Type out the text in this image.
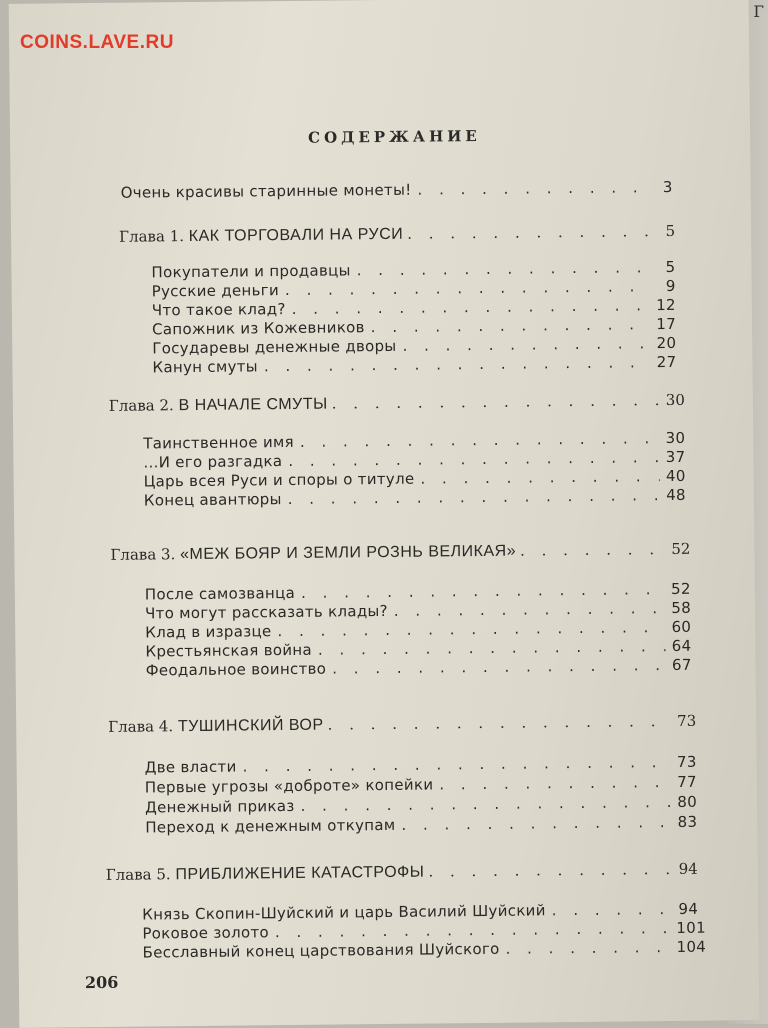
СОДЕРЖАНИЕ
Очень красивы старинные монеты! . . .	3
Глава 1. КАК ТОРГОВАЛИ НА РУСИ . . .	5
Покупатели и продавцы . . .	5
Русские деньги . . .	9
Что такое клад? . . .	12
Сапожник из Кожевников . . .	17
Государевы денежные дворы . . .	20
Канун смуты . . .	27
Глава 2. В НАЧАЛЕ СМУТЫ . . .	30
Таинственное имя . . .	30
...И его разгадка . . .	37
Царь всея Руси и споры о титуле . . .	40
Конец авантюры . . .	48
Глава 3. «МЕЖ БОЯР И ЗЕМЛИ РОЗНЬ ВЕЛИКАЯ» . . .	52
После самозванца . . .	52
Что могут рассказать клады? . . .	58
Клад в изразце . . .	60
Крестьянская война . . .	64
Феодальное воинство . . .	67
Глава 4. ТУШИНСКИЙ ВОР . . .	73
Две власти . . .	73
Первые угрозы «доброте» копейки . . .	77
Денежный приказ . . .	80
Переход к денежным откупам . . .	83
Глава 5. ПРИБЛИЖЕНИЕ КАТАСТРОФЫ . . .	94
Князь Скопин-Шуйский и царь Василий Шуйский . . .	94
Роковое золото . . .	101
Бесславный конец царствования Шуйского . . .	104
206
COINS.LAVE.RU
Г
